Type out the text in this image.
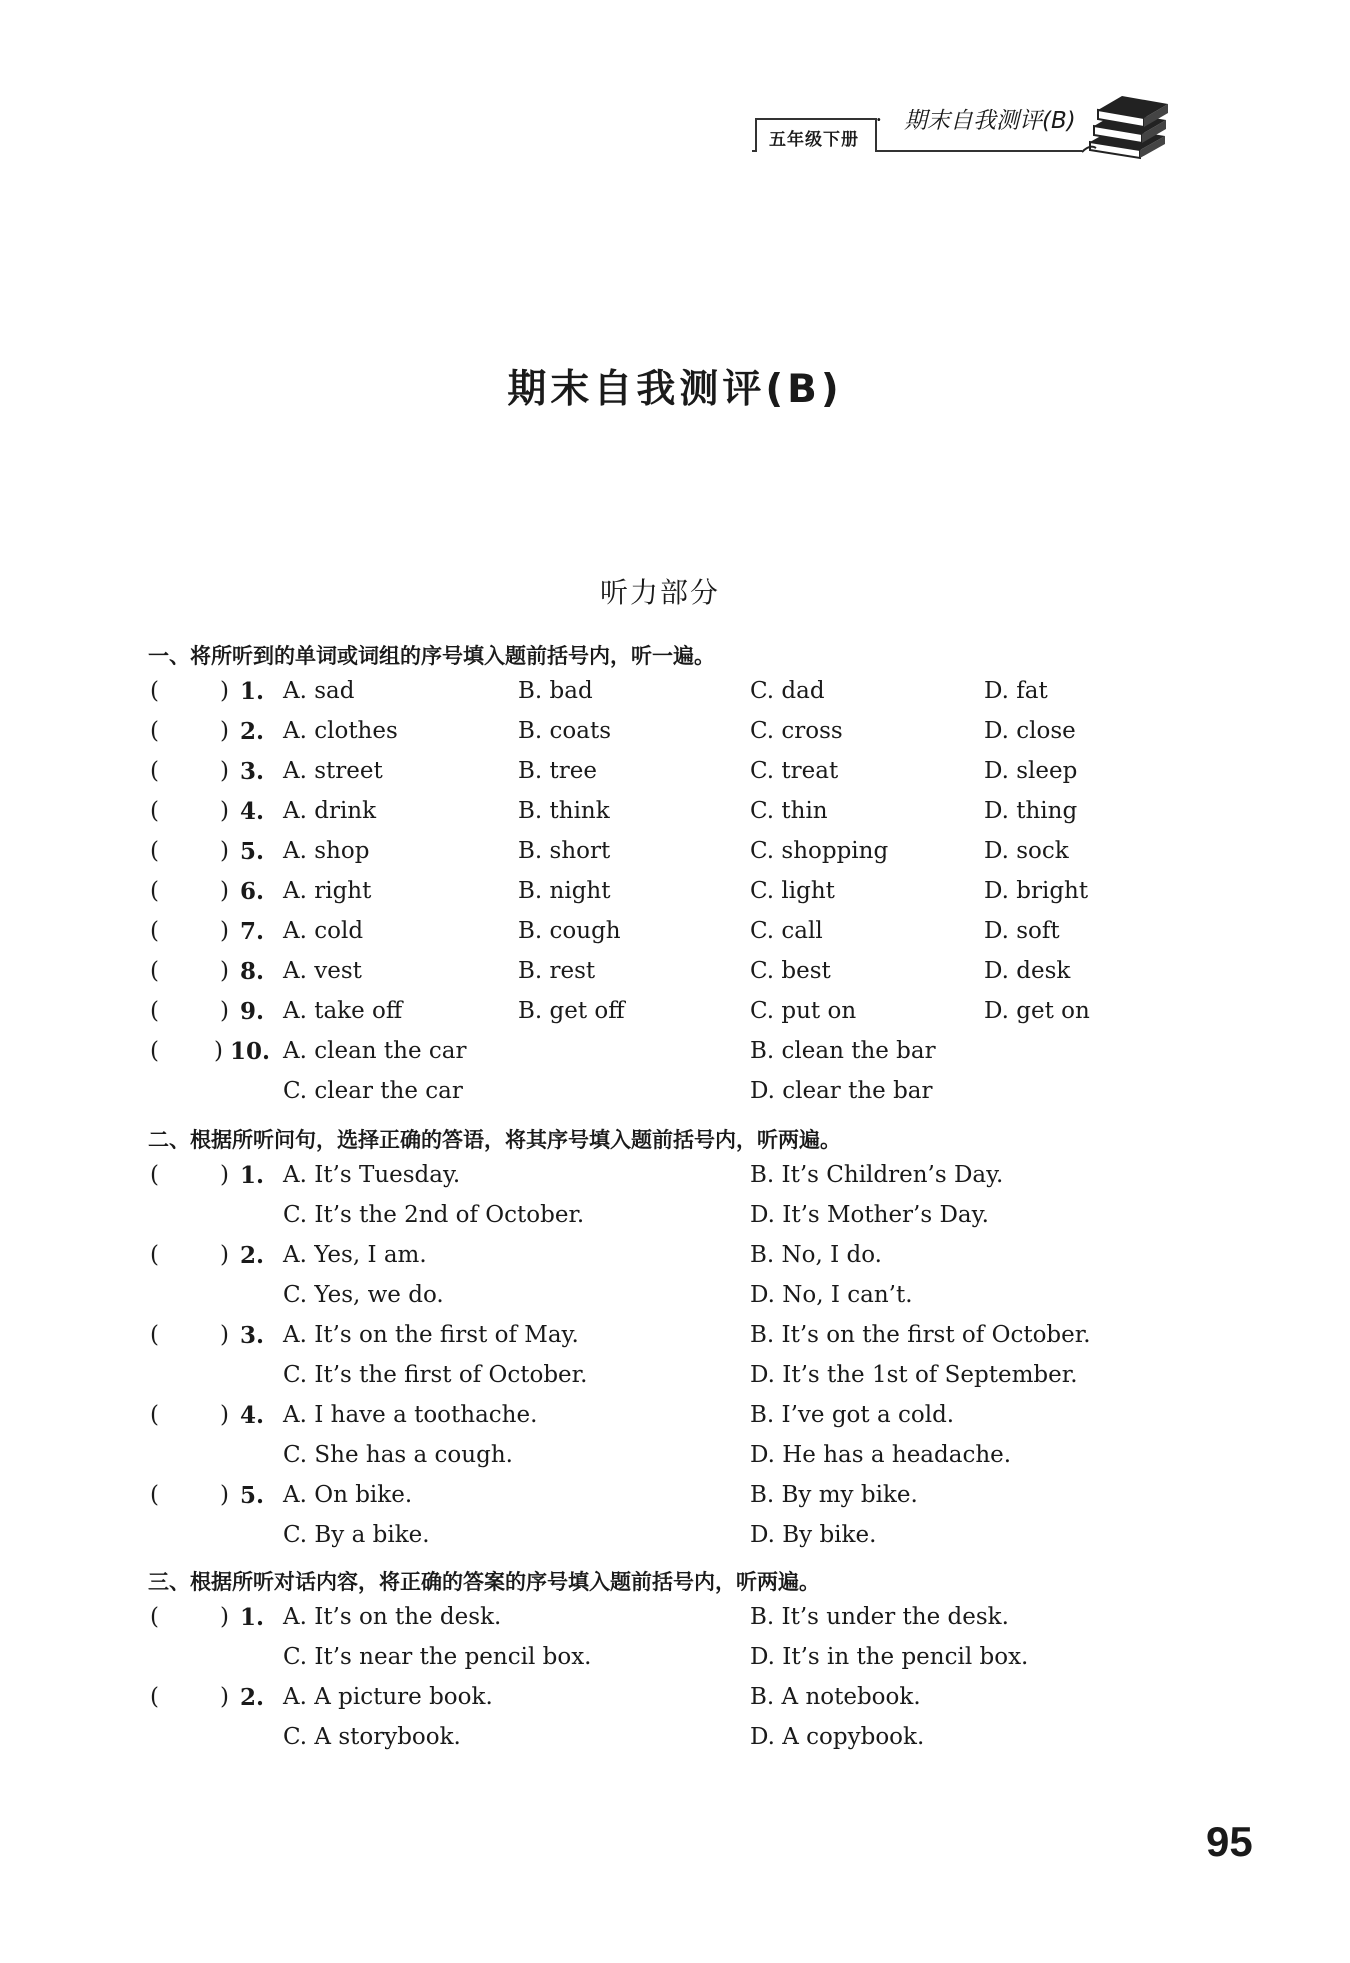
五年级下册
· 期末自我测评(B)
期末自我测评(B)
听力部分
一、将所听到的单词或词组的序号填入题前括号内，听一遍。
(	) 1. A. sad	B. bad	C. dad	D. fat
(	) 2. A. clothes	B. coats	C. cross	D. close
(	) 3. A. street	B. tree	C. treat	D. sleep
(	) 4. A. drink	B. think	C. thin	D. thing
(	) 5. A. shop	B. short	C. shopping	D. sock
(	) 6. A. right	B. night	C. light	D. bright
(	) 7. A. cold	B. cough	C. call	D. soft
(	) 8. A. vest	B. rest	C. best	D. desk
(	) 9. A. take off	B. get off	C. put on	D. get on
( ) 10. A. clean the car	B. clean the bar
C. clear the car	D. clear the bar
二、根据所听问句，选择正确的答语，将其序号填入题前括号内，听两遍。
(	) 1. A. It’s Tuesday.	B. It’s Children’s Day.
C. It’s the 2nd of October.	D. It’s Mother’s Day.
(	) 2. A. Yes, I am.	B. No, I do.
C. Yes, we do.	D. No, I can’t.
(	) 3. A. It’s on the first of May.	B. It’s on the first of October.
C. It’s the first of October.	D. It’s the 1st of September.
(	) 4. A. I have a toothache.	B. I’ve got a cold.
C. She has a cough.	D. He has a headache.
(	) 5. A. On bike.	B. By my bike.
C. By a bike.	D. By bike.
三、根据所听对话内容，将正确的答案的序号填入题前括号内，听两遍。
(	) 1. A. It’s on the desk.	B. It’s under the desk.
C. It’s near the pencil box.	D. It’s in the pencil box.
(	) 2. A. A picture book.	B. A notebook.
C. A storybook.	D. A copybook.
95
